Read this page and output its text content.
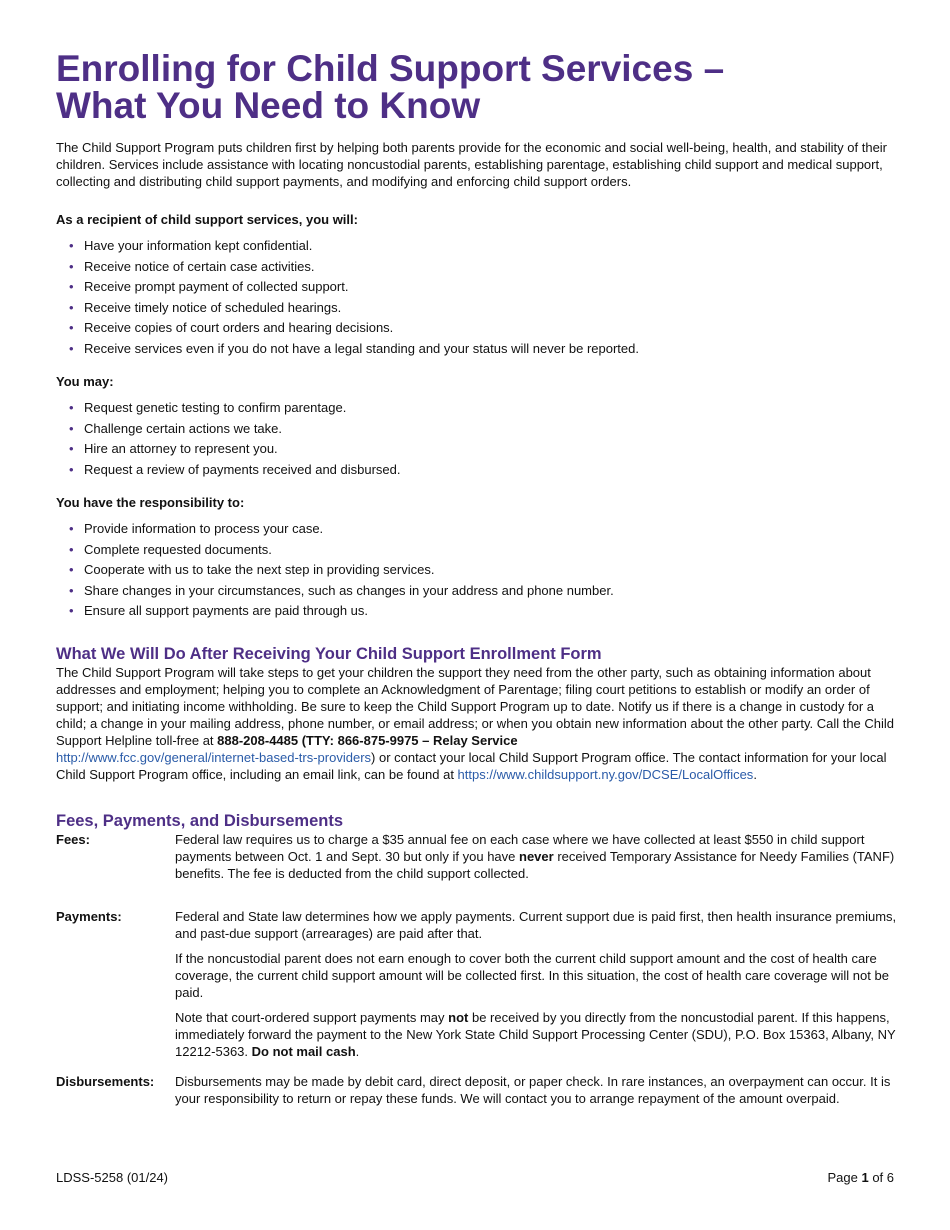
Enrolling for Child Support Services –
What You Need to Know
The Child Support Program puts children first by helping both parents provide for the economic and social well-being, health, and stability of their children. Services include assistance with locating noncustodial parents, establishing parentage, establishing child support and medical support, collecting and distributing child support payments, and modifying and enforcing child support orders.
As a recipient of child support services, you will:
• Have your information kept confidential.
• Receive notice of certain case activities.
• Receive prompt payment of collected support.
• Receive timely notice of scheduled hearings.
• Receive copies of court orders and hearing decisions.
• Receive services even if you do not have a legal standing and your status will never be reported.
You may:
• Request genetic testing to confirm parentage.
• Challenge certain actions we take.
• Hire an attorney to represent you.
• Request a review of payments received and disbursed.
You have the responsibility to:
• Provide information to process your case.
• Complete requested documents.
• Cooperate with us to take the next step in providing services.
• Share changes in your circumstances, such as changes in your address and phone number.
• Ensure all support payments are paid through us.
What We Will Do After Receiving Your Child Support Enrollment Form
The Child Support Program will take steps to get your children the support they need from the other party, such as obtaining information about addresses and employment; helping you to complete an Acknowledgment of Parentage; filing court petitions to establish or modify an order of support; and initiating income withholding. Be sure to keep the Child Support Program up to date. Notify us if there is a change in custody for a child; a change in your mailing address, phone number, or email address; or when you obtain new information about the other party. Call the Child Support Helpline toll-free at 888-208-4485 (TTY: 866-875-9975 – Relay Service
http://www.fcc.gov/general/internet-based-trs-providers) or contact your local Child Support Program office. The contact information for your local Child Support Program office, including an email link, can be found at https://www.childsupport.ny.gov/DCSE/LocalOffices.
Fees, Payments, and Disbursements
Fees:	Federal law requires us to charge a $35 annual fee on each case where we have collected at least $550 in child support payments between Oct. 1 and Sept. 30 but only if you have never received Temporary Assistance for Needy Families (TANF) benefits. The fee is deducted from the child support collected.

Payments:	Federal and State law determines how we apply payments. Current support due is paid first, then health insurance premiums, and past-due support (arrearages) are paid after that.

If the noncustodial parent does not earn enough to cover both the current child support amount and the cost of health care coverage, the current child support amount will be collected first. In this situation, the cost of health care coverage will not be paid.

Note that court-ordered support payments may not be received by you directly from the noncustodial parent. If this happens, immediately forward the payment to the New York State Child Support Processing Center (SDU), P.O. Box 15363, Albany, NY 12212-5363. Do not mail cash.

Disbursements:	Disbursements may be made by debit card, direct deposit, or paper check. In rare instances, an overpayment can occur. It is your responsibility to return or repay these funds. We will contact you to arrange repayment of the amount overpaid.

LDSS-5258 (01/24)	Page 1 of 6
